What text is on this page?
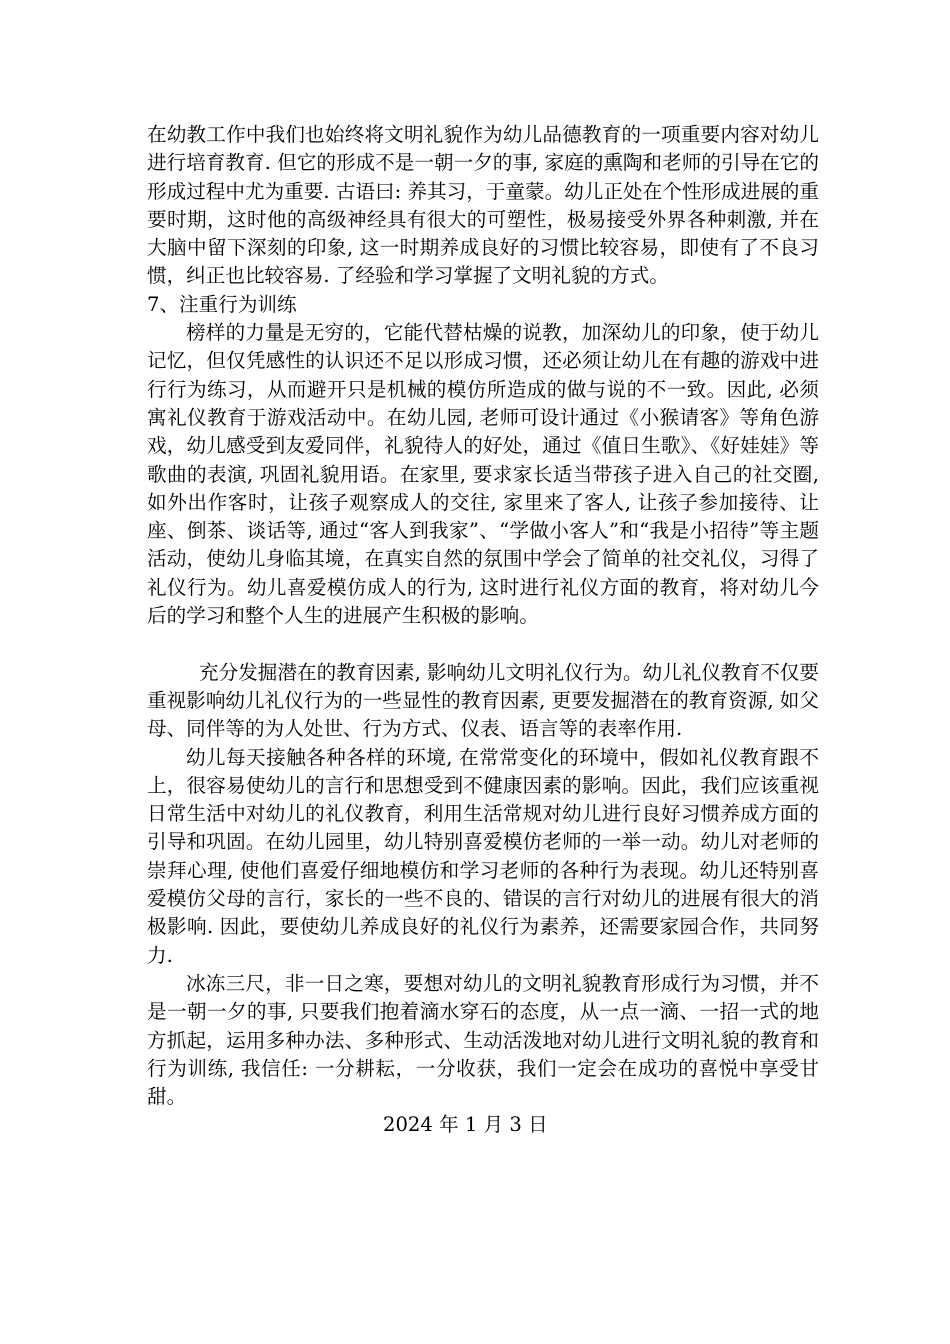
在幼教工作中我们也始终将文明礼貌作为幼儿品德教育的一项重要内容对幼儿进行培育教育. 但它的形成不是一朝一夕的事, 家庭的熏陶和老师的引导在它的形成过程中尤为重要. 古语曰: 养其习，于童蒙。幼儿正处在个性形成进展的重要时期，这时他的高级神经具有很大的可塑性，极易接受外界各种刺激, 并在大脑中留下深刻的印象, 这一时期养成良好的习惯比较容易，即使有了不良习惯，纠正也比较容易. 了经验和学习掌握了文明礼貌的方式。

7、注重行为训练

榜样的力量是无穷的，它能代替枯燥的说教，加深幼儿的印象，使于幼儿记忆，但仅凭感性的认识还不足以形成习惯，还必须让幼儿在有趣的游戏中进行行为练习，从而避开只是机械的模仿所造成的做与说的不一致。因此, 必须寓礼仪教育于游戏活动中。在幼儿园, 老师可设计通过《小猴请客》等角色游戏，幼儿感受到友爱同伴，礼貌待人的好处，通过《值日生歌》、《好娃娃》等歌曲的表演, 巩固礼貌用语。在家里, 要求家长适当带孩子进入自己的社交圈, 如外出作客时，让孩子观察成人的交往, 家里来了客人, 让孩子参加接待、让座、倒茶、谈话等, 通过“客人到我家”、“学做小客人”和“我是小招待”等主题活动，使幼儿身临其境，在真实自然的氛围中学会了简单的社交礼仪，习得了礼仪行为。幼儿喜爱模仿成人的行为, 这时进行礼仪方面的教育，将对幼儿今后的学习和整个人生的进展产生积极的影响。

充分发掘潜在的教育因素, 影响幼儿文明礼仪行为。幼儿礼仪教育不仅要重视影响幼儿礼仪行为的一些显性的教育因素, 更要发掘潜在的教育资源, 如父母、同伴等的为人处世、行为方式、仪表、语言等的表率作用.

幼儿每天接触各种各样的环境, 在常常变化的环境中，假如礼仪教育跟不上，很容易使幼儿的言行和思想受到不健康因素的影响。因此，我们应该重视日常生活中对幼儿的礼仪教育，利用生活常规对幼儿进行良好习惯养成方面的引导和巩固。在幼儿园里，幼儿特别喜爱模仿老师的一举一动。幼儿对老师的崇拜心理, 使他们喜爱仔细地模仿和学习老师的各种行为表现。幼儿还特别喜爱模仿父母的言行，家长的一些不良的、错误的言行对幼儿的进展有很大的消极影响. 因此，要使幼儿养成良好的礼仪行为素养，还需要家园合作，共同努力.

冰冻三尺，非一日之寒，要想对幼儿的文明礼貌教育形成行为习惯，并不是一朝一夕的事, 只要我们抱着滴水穿石的态度，从一点一滴、一招一式的地方抓起，运用多种办法、多种形式、生动活泼地对幼儿进行文明礼貌的教育和行为训练, 我信任: 一分耕耘，一分收获，我们一定会在成功的喜悦中享受甘甜。

2024 年 1 月 3 日
